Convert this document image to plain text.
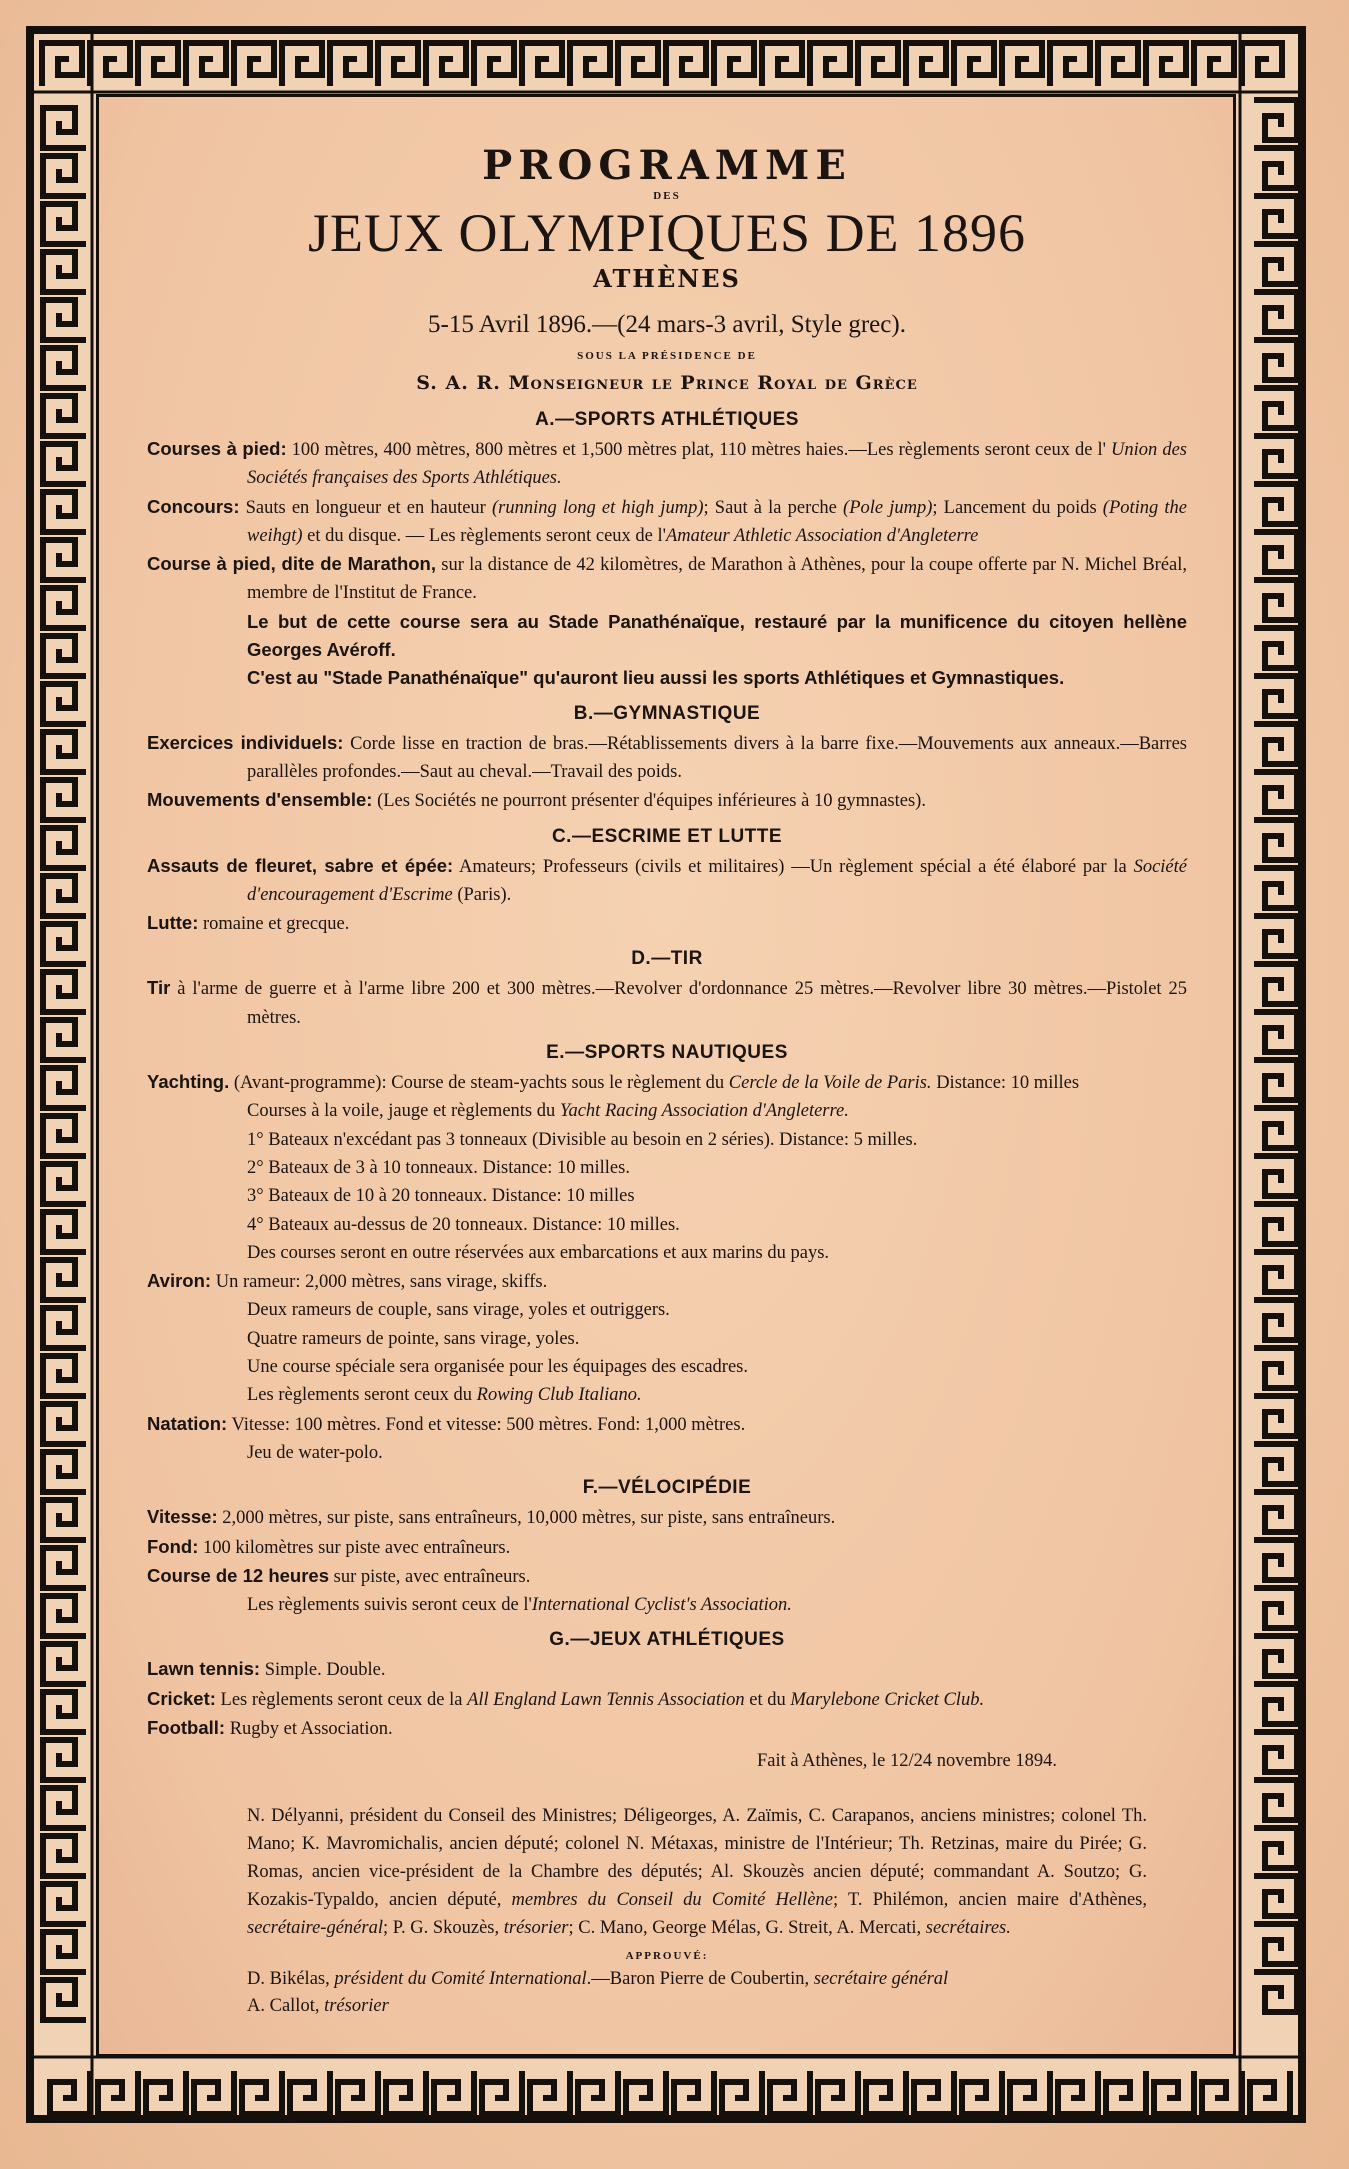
PROGRAMME
DES
JEUX OLYMPIQUES DE 1896
ATHÈNES
5-15 Avril 1896.—(24 mars-3 avril, Style grec).
SOUS LA PRÉSIDENCE DE
S. A. R. Monseigneur le Prince Royal de Grèce
A.—SPORTS ATHLÉTIQUES

Courses à pied: 100 mètres, 400 mètres, 800 mètres et 1,500 mètres plat, 110 mètres haies.—Les règlements seront ceux de l' Union des Sociétés françaises des Sports Athlétiques.

Concours: Sauts en longueur et en hauteur (running long et high jump); Saut à la perche (Pole jump); Lancement du poids (Poting the weihgt) et du disque. — Les règlements seront ceux de l'Amateur Athletic Association d'Angleterre

Course à pied, dite de Marathon, sur la distance de 42 kilomètres, de Marathon à Athènes, pour la coupe offerte par N. Michel Bréal, membre de l'Institut de France.

Le but de cette course sera au Stade Panathénaïque, restauré par la munificence du citoyen hellène Georges Avéroff.

C'est au "Stade Panathénaïque" qu'auront lieu aussi les sports Athlétiques et Gymnastiques.

B.—GYMNASTIQUE

Exercices individuels: Corde lisse en traction de bras.—Rétablissements divers à la barre fixe.—Mouvements aux anneaux.—Barres parallèles profondes.—Saut au cheval.—Travail des poids.

Mouvements d'ensemble: (Les Sociétés ne pourront présenter d'équipes inférieures à 10 gymnastes).

C.—ESCRIME ET LUTTE

Assauts de fleuret, sabre et épée: Amateurs; Professeurs (civils et militaires) —Un règlement spécial a été élaboré par la Société d'encouragement d'Escrime (Paris).

Lutte: romaine et grecque.

D.—TIR

Tir à l'arme de guerre et à l'arme libre 200 et 300 mètres.—Revolver d'ordonnance 25 mètres.—Revolver libre 30 mètres.—Pistolet 25 mètres.

E.—SPORTS NAUTIQUES

Yachting. (Avant-programme): Course de steam-yachts sous le règlement du Cercle de la Voile de Paris. Distance: 10 milles

Courses à la voile, jauge et règlements du Yacht Racing Association d'Angleterre.

1° Bateaux n'excédant pas 3 tonneaux (Divisible au besoin en 2 séries). Distance: 5 milles.

2° Bateaux de 3 à 10 tonneaux. Distance: 10 milles.

3° Bateaux de 10 à 20 tonneaux. Distance: 10 milles

4° Bateaux au-dessus de 20 tonneaux. Distance: 10 milles.

Des courses seront en outre réservées aux embarcations et aux marins du pays.

Aviron: Un rameur: 2,000 mètres, sans virage, skiffs.

Deux rameurs de couple, sans virage, yoles et outriggers.

Quatre rameurs de pointe, sans virage, yoles.

Une course spéciale sera organisée pour les équipages des escadres.

Les règlements seront ceux du Rowing Club Italiano.

Natation: Vitesse: 100 mètres. Fond et vitesse: 500 mètres. Fond: 1,000 mètres.

Jeu de water-polo.

F.—VÉLOCIPÉDIE

Vitesse: 2,000 mètres, sur piste, sans entraîneurs, 10,000 mètres, sur piste, sans entraîneurs.

Fond: 100 kilomètres sur piste avec entraîneurs.

Course de 12 heures sur piste, avec entraîneurs.

Les règlements suivis seront ceux de l'International Cyclist's Association.

G.—JEUX ATHLÉTIQUES

Lawn tennis: Simple. Double.

Cricket: Les règlements seront ceux de la All England Lawn Tennis Association et du Marylebone Cricket Club.

Football: Rugby et Association.

Fait à Athènes, le 12/24 novembre 1894.

N. Délyanni, président du Conseil des Ministres; Déligeorges, A. Zaïmis, C. Carapanos, anciens ministres; colonel Th. Mano; K. Mavromichalis, ancien député; colonel N. Métaxas, ministre de l'Intérieur; Th. Retzinas, maire du Pirée; G. Romas, ancien vice-président de la Chambre des députés; Al. Skouzès ancien député; commandant A. Soutzo; G. Kozakis-Typaldo, ancien député, membres du Conseil du Comité Hellène; T. Philémon, ancien maire d'Athènes, secrétaire-général; P. G. Skouzès, trésorier; C. Mano, George Mélas, G. Streit, A. Mercati, secrétaires.

APPROUVÉ:

D. Bikélas, président du Comité International.—Baron Pierre de Coubertin, secrétaire général

A. Callot, trésorier
